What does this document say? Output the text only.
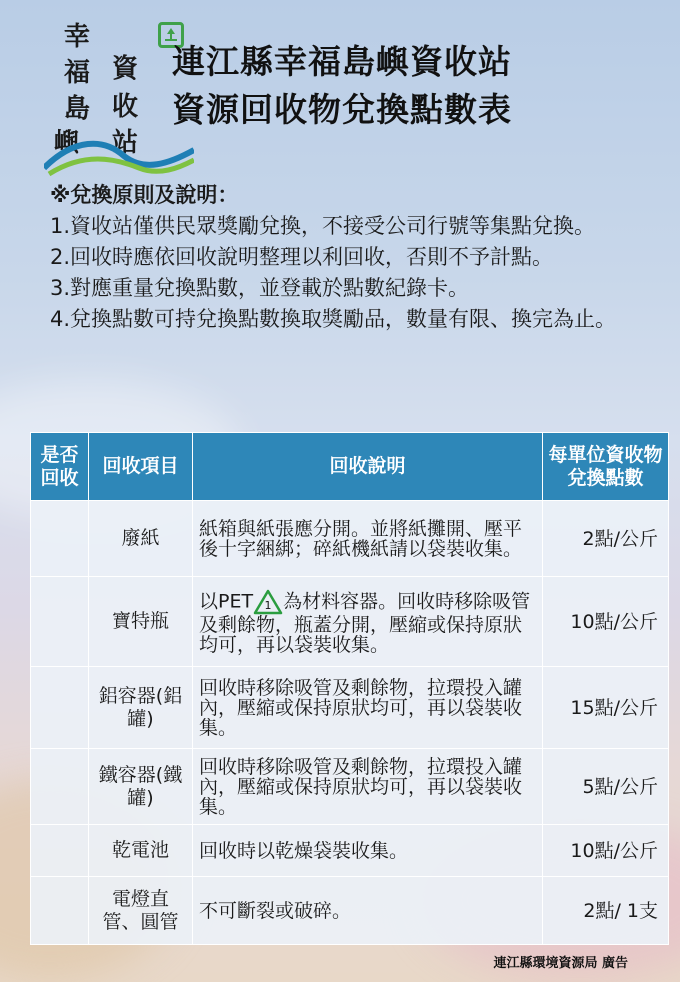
幸
福
島
嶼
資
收
站
連江縣幸福島嶼資收站
資源回收物兌換點數表
※兌換原則及說明：
1.資收站僅供民眾獎勵兌換，不接受公司行號等集點兌換。
2.回收時應依回收說明整理以利回收，否則不予計點。
3.對應重量兌換點數，並登載於點數紀錄卡。
4.兌換點數可持兌換點數換取獎勵品，數量有限、換完為止。
是否回收	回收項目	回收說明	每單位資收物兌換點數
	廢紙	紙箱與紙張應分開。並將紙攤開、壓平後十字綑綁；碎紙機紙請以袋裝收集。	2點/公斤
	寶特瓶	以PET 1 為材料容器。回收時移除吸管及剩餘物，瓶蓋分開，壓縮或保持原狀均可，再以袋裝收集。	10點/公斤
	鋁容器(鋁罐)	回收時移除吸管及剩餘物，拉環投入罐內，壓縮或保持原狀均可，再以袋裝收集。	15點/公斤
	鐵容器(鐵罐)	回收時移除吸管及剩餘物，拉環投入罐內，壓縮或保持原狀均可，再以袋裝收集。	5點/公斤
	乾電池	回收時以乾燥袋裝收集。	10點/公斤
	電燈直管、圓管	不可斷裂或破碎。	2點/ 1支
連江縣環境資源局 廣告
